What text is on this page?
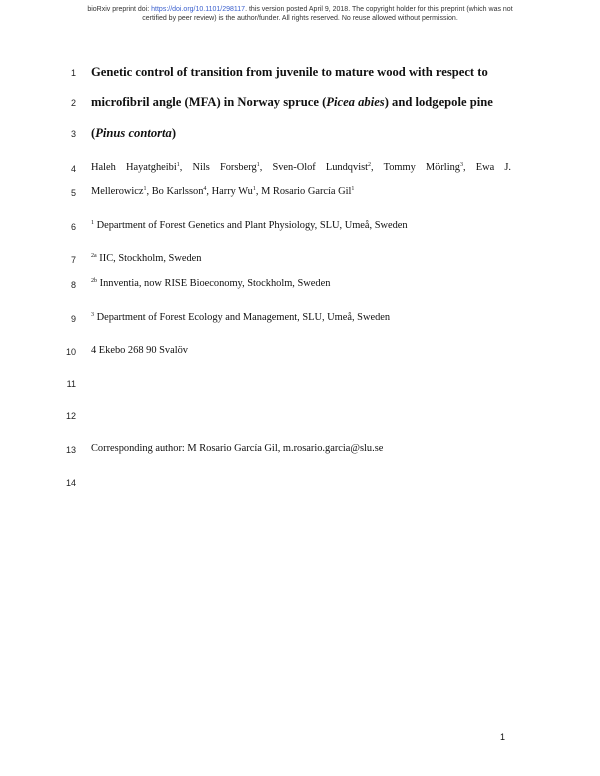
bioRxiv preprint doi: https://doi.org/10.1101/298117. this version posted April 9, 2018. The copyright holder for this preprint (which was not
certified by peer review) is the author/funder. All rights reserved. No reuse allowed without permission.
1
2
3
4
5
6
7
8
9
10
11
12
13
14
Genetic control of transition from juvenile to mature wood with respect to
microfibril angle (MFA) in Norway spruce (Picea abies) and lodgepole pine
(Pinus contorta)
Haleh Hayatgheibi$^1$, Nils Forsberg$^1$, Sven-Olof Lundqvist$^2$, Tommy Mörling$^3$, Ewa J.
Mellerowicz$^1$, Bo Karlsson$^4$, Harry Wu$^1$, M Rosario García Gil$^1$
$^1$ Department of Forest Genetics and Plant Physiology, SLU, Umeå, Sweden
$^{2a}$ IIC, Stockholm, Sweden
$^{2b}$ Innventia, now RISE Bioeconomy, Stockholm, Sweden
$^3$ Department of Forest Ecology and Management, SLU, Umeå, Sweden
4 Ekebo 268 90 Svalöv
Corresponding author: M Rosario García Gil, m.rosario.garcia@slu.se
1
